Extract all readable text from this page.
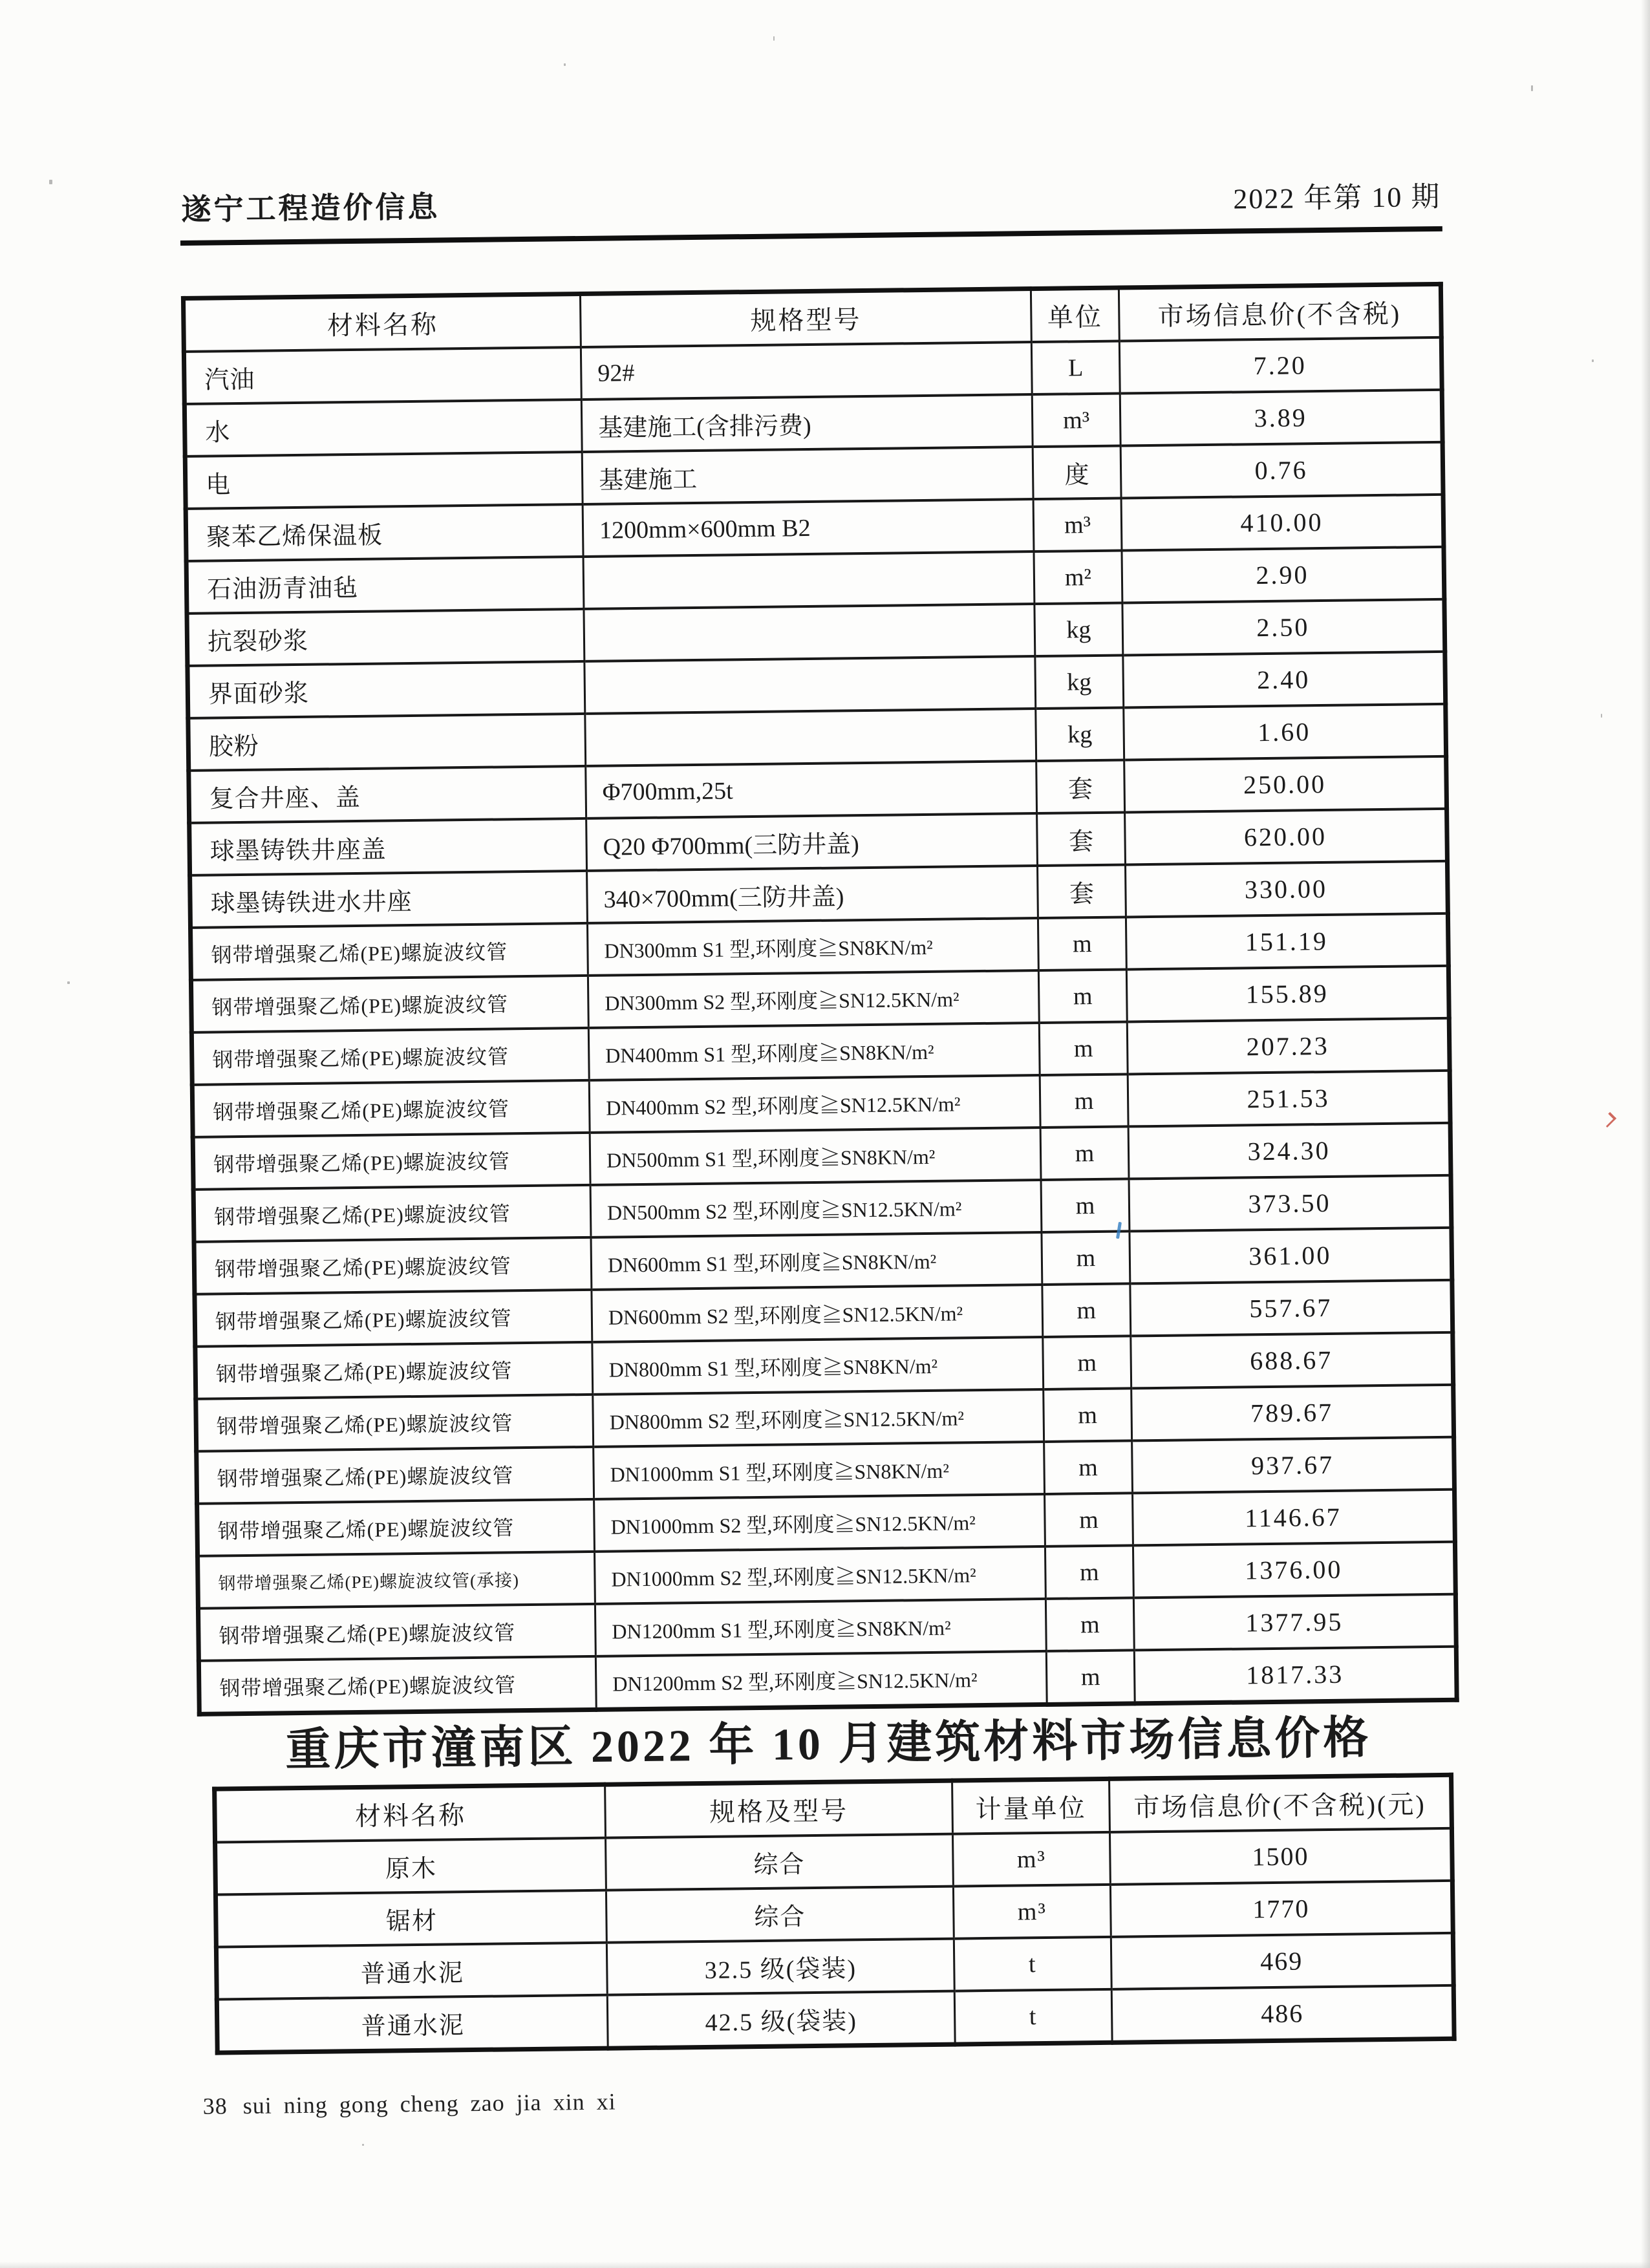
遂宁工程造价信息	2022 年第 10 期
材料名称	规格型号	单位	市场信息价(不含税)
汽油	92#	L	7.20
水	基建施工(含排污费)	m³	3.89
电	基建施工	度	0.76
聚苯乙烯保温板	1200mm×600mm B2	m³	410.00
石油沥青油毡		m²	2.90
抗裂砂浆		kg	2.50
界面砂浆		kg	2.40
胶粉		kg	1.60
复合井座、盖	Φ700mm,25t	套	250.00
球墨铸铁井座盖	Q20 Φ700mm(三防井盖)	套	620.00
球墨铸铁进水井座	340×700mm(三防井盖)	套	330.00
钢带增强聚乙烯(PE)螺旋波纹管	DN300mm S1 型,环刚度≧SN8KN/m²	m	151.19
钢带增强聚乙烯(PE)螺旋波纹管	DN300mm S2 型,环刚度≧SN12.5KN/m²	m	155.89
钢带增强聚乙烯(PE)螺旋波纹管	DN400mm S1 型,环刚度≧SN8KN/m²	m	207.23
钢带增强聚乙烯(PE)螺旋波纹管	DN400mm S2 型,环刚度≧SN12.5KN/m²	m	251.53
钢带增强聚乙烯(PE)螺旋波纹管	DN500mm S1 型,环刚度≧SN8KN/m²	m	324.30
钢带增强聚乙烯(PE)螺旋波纹管	DN500mm S2 型,环刚度≧SN12.5KN/m²	m	373.50
钢带增强聚乙烯(PE)螺旋波纹管	DN600mm S1 型,环刚度≧SN8KN/m²	m	361.00
钢带增强聚乙烯(PE)螺旋波纹管	DN600mm S2 型,环刚度≧SN12.5KN/m²	m	557.67
钢带增强聚乙烯(PE)螺旋波纹管	DN800mm S1 型,环刚度≧SN8KN/m²	m	688.67
钢带增强聚乙烯(PE)螺旋波纹管	DN800mm S2 型,环刚度≧SN12.5KN/m²	m	789.67
钢带增强聚乙烯(PE)螺旋波纹管	DN1000mm S1 型,环刚度≧SN8KN/m²	m	937.67
钢带增强聚乙烯(PE)螺旋波纹管	DN1000mm S2 型,环刚度≧SN12.5KN/m²	m	1146.67
钢带增强聚乙烯(PE)螺旋波纹管(承接)	DN1000mm S2 型,环刚度≧SN12.5KN/m²	m	1376.00
钢带增强聚乙烯(PE)螺旋波纹管	DN1200mm S1 型,环刚度≧SN8KN/m²	m	1377.95
钢带增强聚乙烯(PE)螺旋波纹管	DN1200mm S2 型,环刚度≧SN12.5KN/m²	m	1817.33
重庆市潼南区 2022 年 10 月建筑材料市场信息价格
材料名称	规格及型号	计量单位	市场信息价(不含税)(元)
原木	综合	m³	1500
锯材	综合	m³	1770
普通水泥	32.5 级(袋装)	t	469
普通水泥	42.5 级(袋装)	t	486
38 sui ning gong cheng zao jia xin xi
